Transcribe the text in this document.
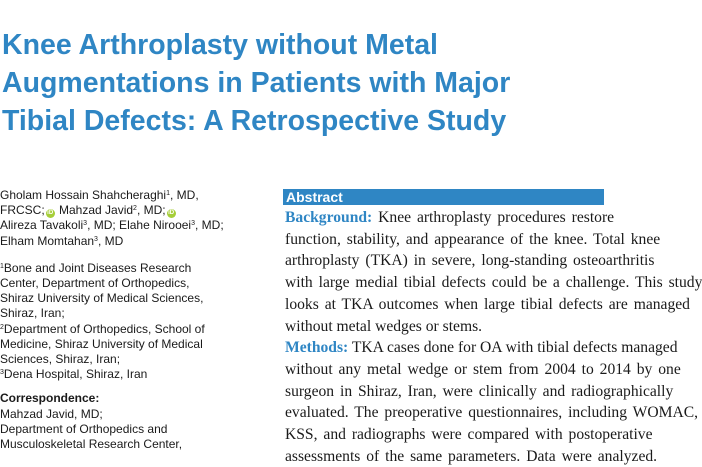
Knee Arthroplasty without Metal
Augmentations in Patients with Major
Tibial Defects: A Retrospective Study
Gholam Hossain Shahcheraghi$^1$, MD,
FRCSC; iD Mahzad Javid$^2$, MD; iD
Alireza Tavakoli$^3$, MD; Elahe Nirooei$^3$, MD;
Elham Momtahan$^3$, MD
$^1$Bone and Joint Diseases Research
Center, Department of Orthopedics,
Shiraz University of Medical Sciences,
Shiraz, Iran;
$^2$Department of Orthopedics, School of
Medicine, Shiraz University of Medical
Sciences, Shiraz, Iran;
$^3$Dena Hospital, Shiraz, Iran
Correspondence:
Mahzad Javid, MD;
Department of Orthopedics and
Musculoskeletal Research Center,
Abstract
Background: Knee arthroplasty procedures restore
function, stability, and appearance of the knee. Total knee
arthroplasty (TKA) in severe, long-standing osteoarthritis
with large medial tibial defects could be a challenge. This study
looks at TKA outcomes when large tibial defects are managed
without metal wedges or stems.
Methods: TKA cases done for OA with tibial defects managed
without any metal wedge or stem from 2004 to 2014 by one
surgeon in Shiraz, Iran, were clinically and radiographically
evaluated. The preoperative questionnaires, including WOMAC,
KSS, and radiographs were compared with postoperative
assessments of the same parameters. Data were analyzed.
